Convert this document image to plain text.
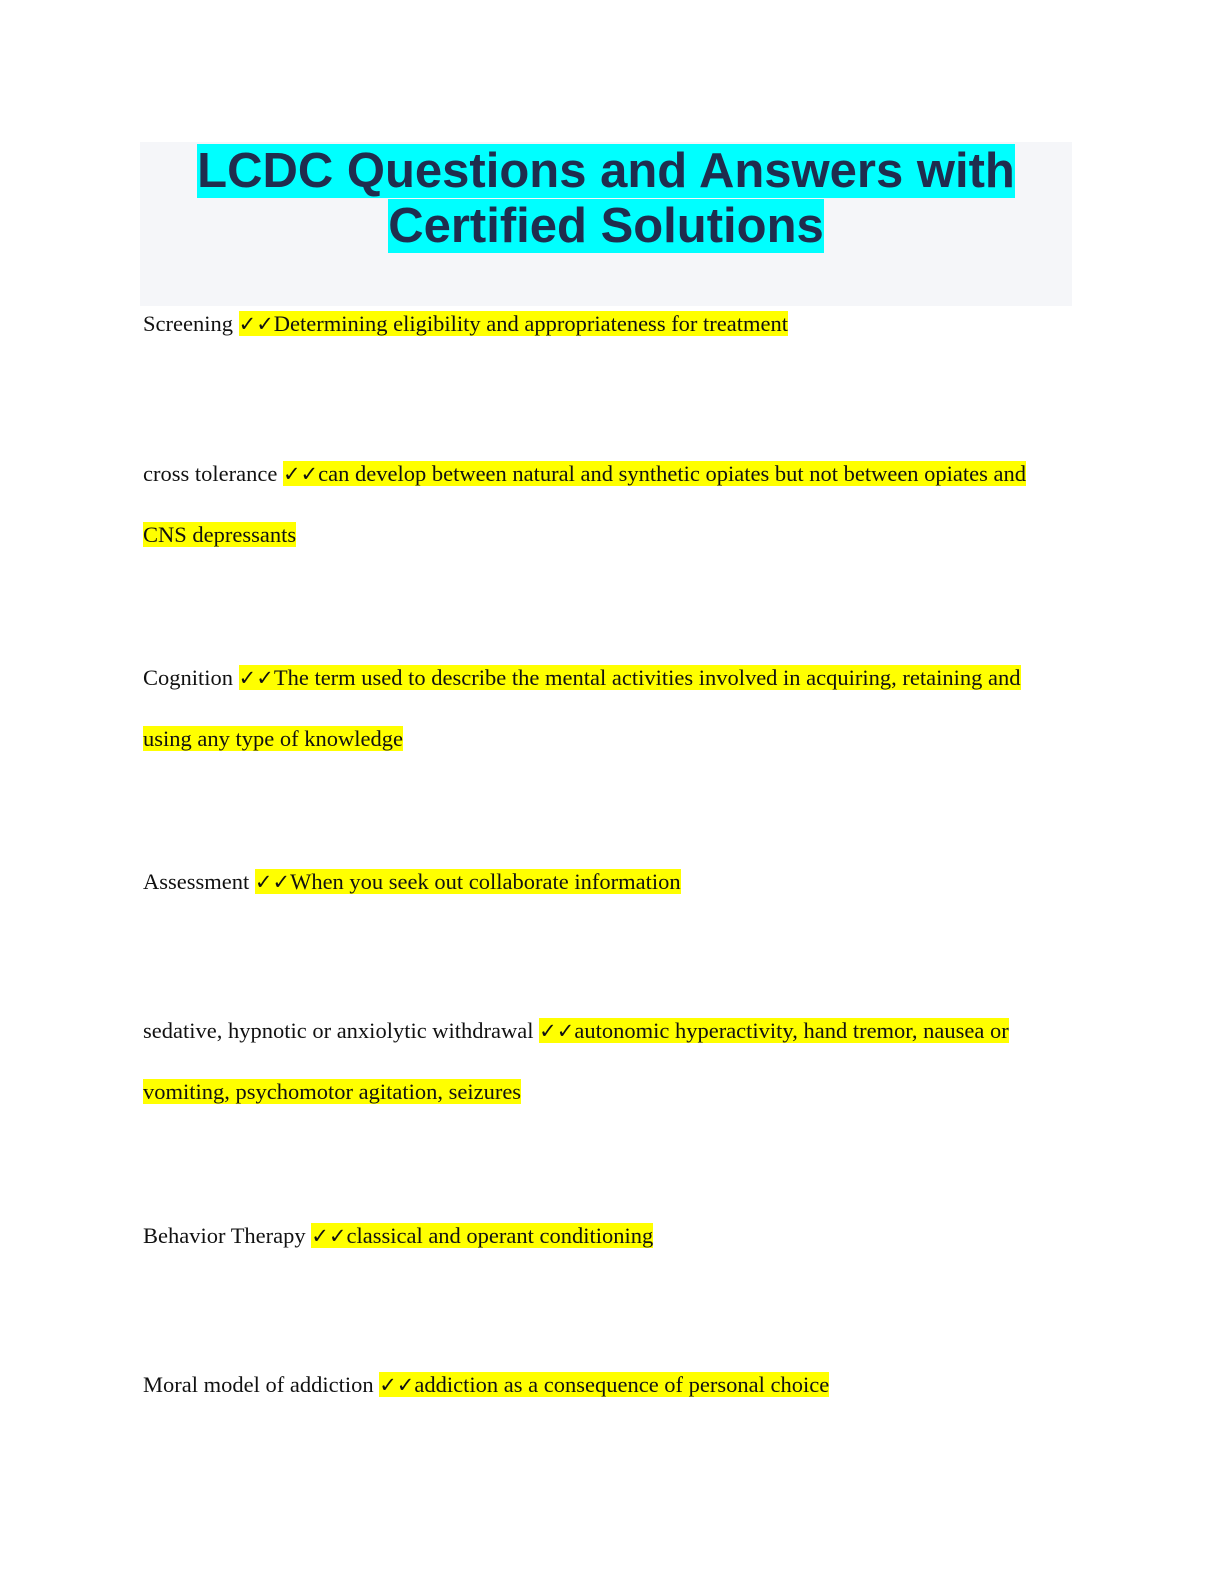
LCDC Questions and Answers with
Certified Solutions

Screening ✓✓Determining eligibility and appropriateness for treatment

cross tolerance ✓✓can develop between natural and synthetic opiates but not between opiates and CNS depressants

Cognition ✓✓The term used to describe the mental activities involved in acquiring, retaining and using any type of knowledge

Assessment ✓✓When you seek out collaborate information

sedative, hypnotic or anxiolytic withdrawal ✓✓autonomic hyperactivity, hand tremor, nausea or vomiting, psychomotor agitation, seizures

Behavior Therapy ✓✓classical and operant conditioning

Moral model of addiction ✓✓addiction as a consequence of personal choice
